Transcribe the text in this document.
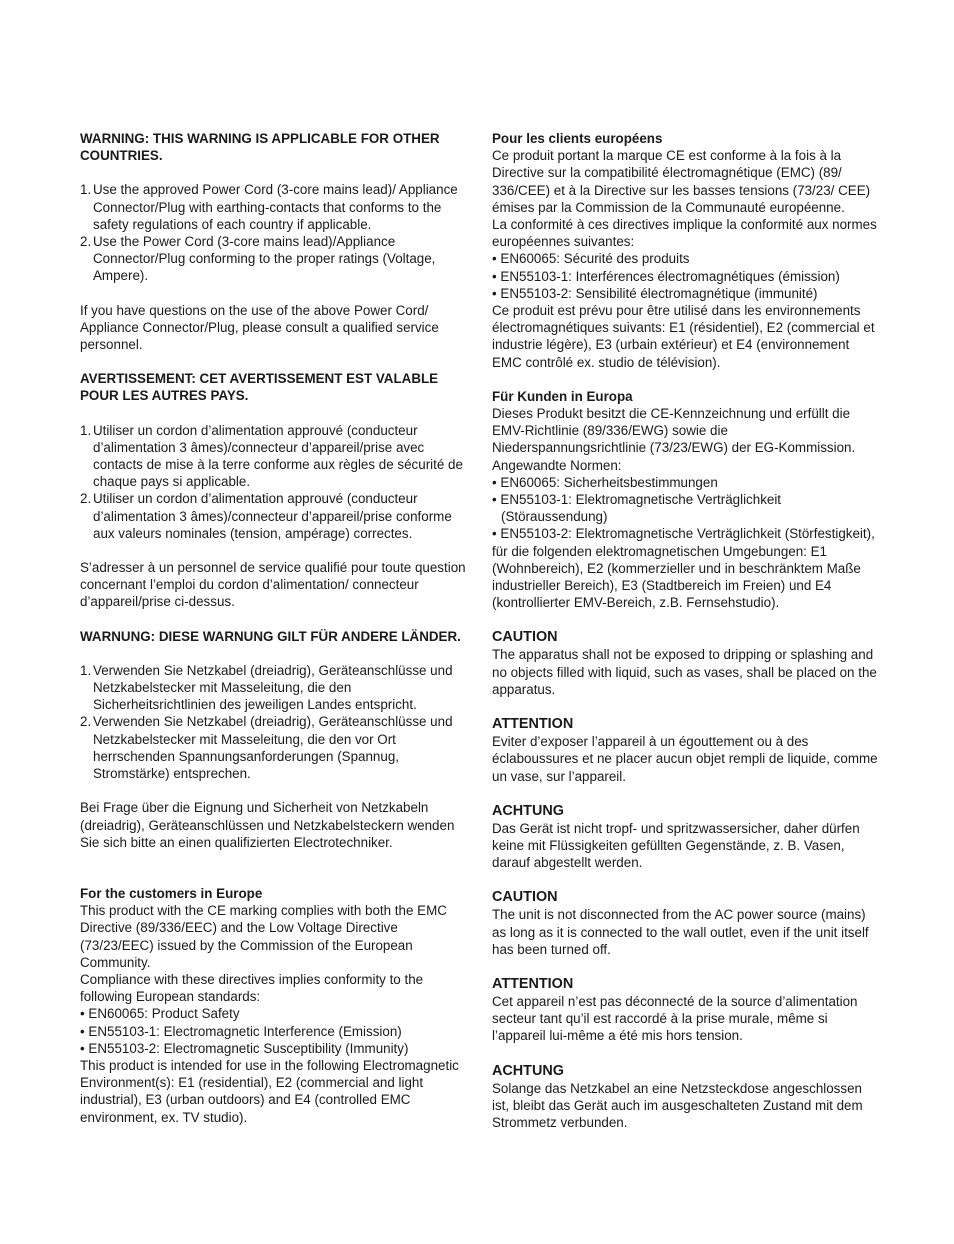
WARNING: THIS WARNING IS APPLICABLE FOR OTHER COUNTRIES.

1. Use the approved Power Cord (3-core mains lead)/ Appliance Connector/Plug with earthing-contacts that conforms to the safety regulations of each country if applicable.
2. Use the Power Cord (3-core mains lead)/Appliance Connector/Plug conforming to the proper ratings (Voltage, Ampere).

If you have questions on the use of the above Power Cord/ Appliance Connector/Plug, please consult a qualified service personnel.

AVERTISSEMENT: CET AVERTISSEMENT EST VALABLE POUR LES AUTRES PAYS.

1. Utiliser un cordon d’alimentation approuvé (conducteur d’alimentation 3 âmes)/connecteur d’appareil/prise avec contacts de mise à la terre conforme aux règles de sécurité de chaque pays si applicable.
2. Utiliser un cordon d’alimentation approuvé (conducteur d’alimentation 3 âmes)/connecteur d’appareil/prise conforme aux valeurs nominales (tension, ampérage) correctes.

S’adresser à un personnel de service qualifié pour toute question concernant l’emploi du cordon d’alimentation/ connecteur d’appareil/prise ci-dessus.

WARNUNG: DIESE WARNUNG GILT FÜR ANDERE LÄNDER.

1. Verwenden Sie Netzkabel (dreiadrig), Geräteanschlüsse und Netzkabelstecker mit Masseleitung, die den Sicherheitsrichtlinien des jeweiligen Landes entspricht.
2. Verwenden Sie Netzkabel (dreiadrig), Geräteanschlüsse und Netzkabelstecker mit Masseleitung, die den vor Ort herrschenden Spannungsanforderungen (Spannug, Stromstärke) entsprechen.

Bei Frage über die Eignung und Sicherheit von Netzkabeln (dreiadrig), Geräteanschlüssen und Netzkabelsteckern wenden Sie sich bitte an einen qualifizierten Electrotechniker.

For the customers in Europe

This product with the CE marking complies with both the EMC Directive (89/336/EEC) and the Low Voltage Directive (73/23/EEC) issued by the Commission of the European Community.

Compliance with these directives implies conformity to the following European standards:

• EN60065: Product Safety

• EN55103-1: Electromagnetic Interference (Emission)

• EN55103-2: Electromagnetic Susceptibility (Immunity)

This product is intended for use in the following Electromagnetic Environment(s): E1 (residential), E2 (commercial and light industrial), E3 (urban outdoors) and E4 (controlled EMC environment, ex. TV studio).

Pour les clients européens

Ce produit portant la marque CE est conforme à la fois à la Directive sur la compatibilité électromagnétique (EMC) (89/ 336/CEE) et à la Directive sur les basses tensions (73/23/ CEE) émises par la Commission de la Communauté européenne.

La conformité à ces directives implique la conformité aux normes européennes suivantes:

• EN60065: Sécurité des produits

• EN55103-1: Interférences électromagnétiques (émission)

• EN55103-2: Sensibilité électromagnétique (immunité)

Ce produit est prévu pour être utilisé dans les environnements électromagnétiques suivants: E1 (résidentiel), E2 (commercial et industrie légère), E3 (urbain extérieur) et E4 (environnement EMC contrôlé ex. studio de télévision).

Für Kunden in Europa

Dieses Produkt besitzt die CE-Kennzeichnung und erfüllt die EMV-Richtlinie (89/336/EWG) sowie die Niederspannungsrichtlinie (73/23/EWG) der EG-Kommission.

Angewandte Normen:

• EN60065: Sicherheitsbestimmungen

• EN55103-1: Elektromagnetische Verträglichkeit (Störaussendung)

• EN55103-2: Elektromagnetische Verträglichkeit (Störfestigkeit),

für die folgenden elektromagnetischen Umgebungen: E1 (Wohnbereich), E2 (kommerzieller und in beschränktem Maße industrieller Bereich), E3 (Stadtbereich im Freien) und E4 (kontrollierter EMV-Bereich, z.B. Fernsehstudio).

CAUTION

The apparatus shall not be exposed to dripping or splashing and no objects filled with liquid, such as vases, shall be placed on the apparatus.

ATTENTION

Eviter d’exposer l’appareil à un égouttement ou à des éclaboussures et ne placer aucun objet rempli de liquide, comme un vase, sur l’appareil.

ACHTUNG

Das Gerät ist nicht tropf- und spritzwassersicher, daher dürfen keine mit Flüssigkeiten gefüllten Gegenstände, z. B. Vasen, darauf abgestellt werden.

CAUTION

The unit is not disconnected from the AC power source (mains) as long as it is connected to the wall outlet, even if the unit itself has been turned off.

ATTENTION

Cet appareil n’est pas déconnecté de la source d’alimentation secteur tant qu’il est raccordé à la prise murale, même si l’appareil lui-même a été mis hors tension.

ACHTUNG

Solange das Netzkabel an eine Netzsteckdose angeschlossen ist, bleibt das Gerät auch im ausgeschalteten Zustand mit dem Strommetz verbunden.
